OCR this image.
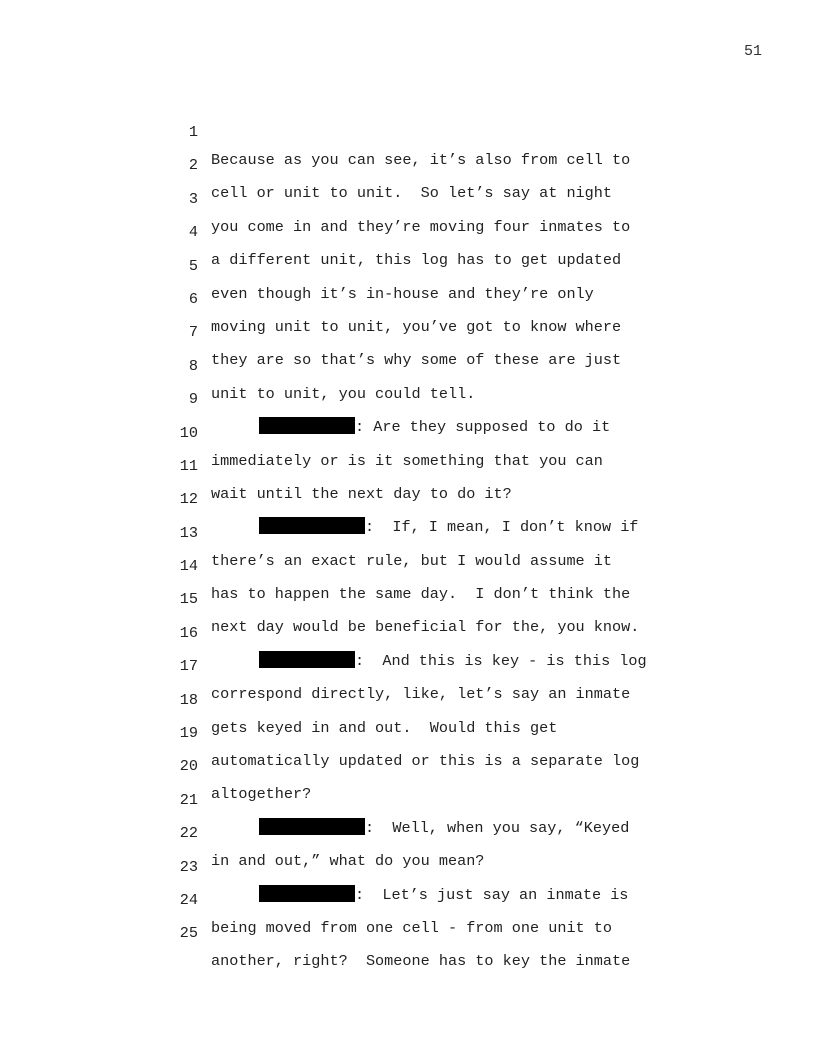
51

1

Because as you can see, it’s also from cell to

2

cell or unit to unit.  So let’s say at night

3

you come in and they’re moving four inmates to

4

a different unit, this log has to get updated

5

even though it’s in-house and they’re only

6

moving unit to unit, you’ve got to know where

7

they are so that’s why some of these are just

8

unit to unit, you could tell.

9

: Are they supposed to do it

10

immediately or is it something that you can

11

wait until the next day to do it?

12

:  If, I mean, I don’t know if

13

there’s an exact rule, but I would assume it

14

has to happen the same day.  I don’t think the

15

next day would be beneficial for the, you know.

16

:  And this is key - is this log

17

correspond directly, like, let’s say an inmate

18

gets keyed in and out.  Would this get

19

automatically updated or this is a separate log

20

altogether?

21

:  Well, when you say, “Keyed

22

in and out,” what do you mean?

23

:  Let’s just say an inmate is

24

being moved from one cell - from one unit to

25

another, right?  Someone has to key the inmate
